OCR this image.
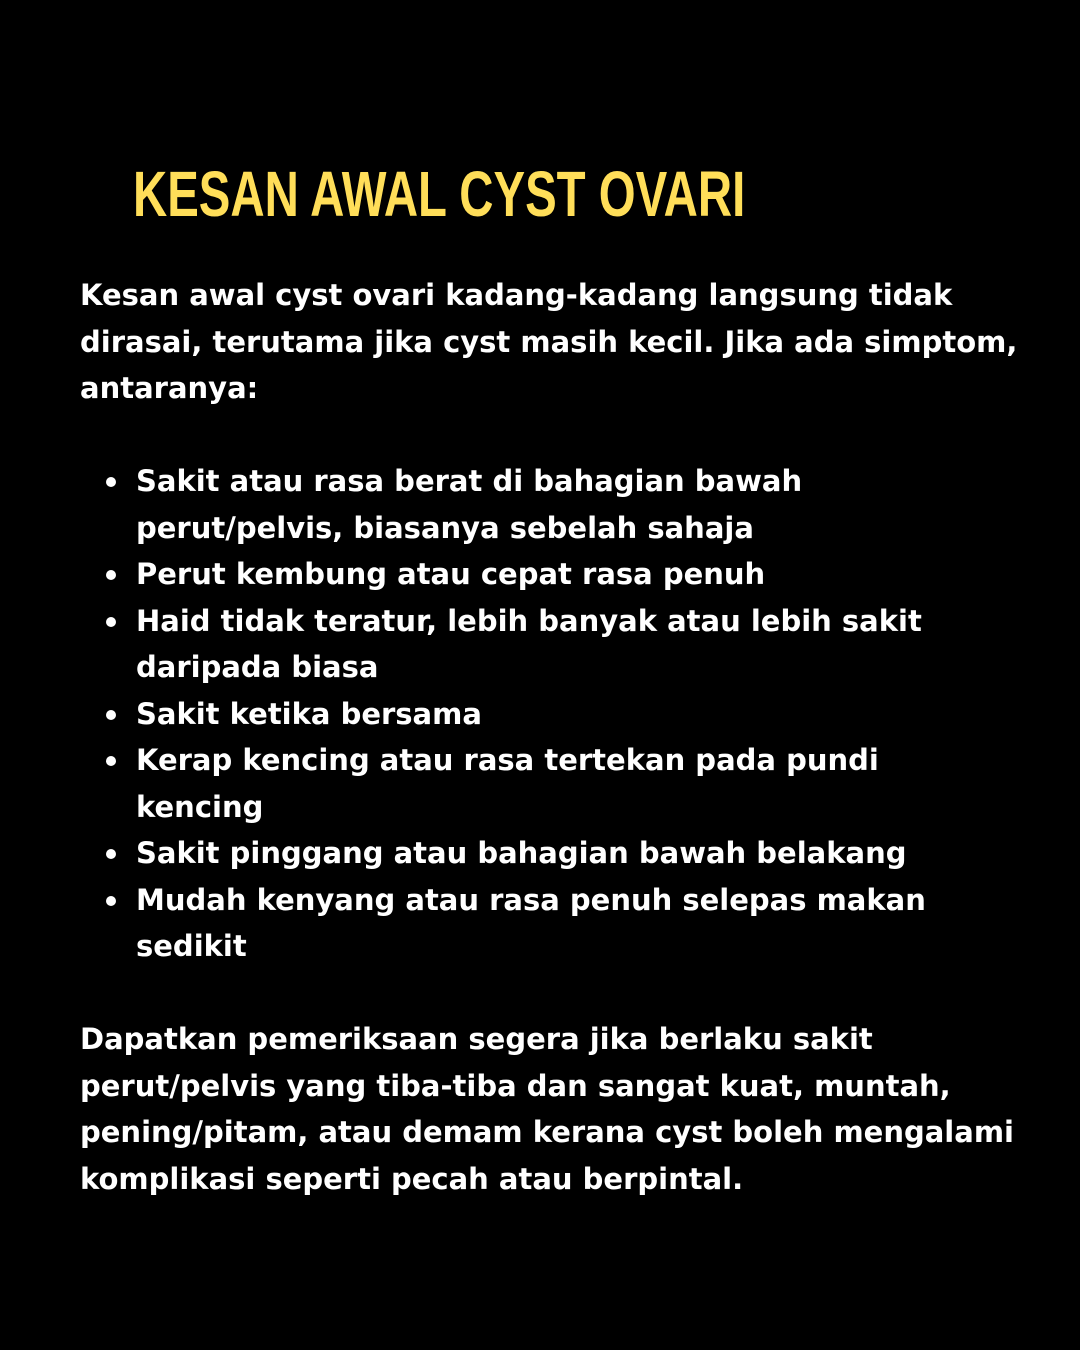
KESAN AWAL CYST OVARI

Kesan awal cyst ovari kadang-kadang langsung tidak dirasai, terutama jika cyst masih kecil. Jika ada simptom, antaranya:

Sakit atau rasa berat di bahagian bawah perut/pelvis, biasanya sebelah sahaja
Perut kembung atau cepat rasa penuh
Haid tidak teratur, lebih banyak atau lebih sakit daripada biasa
Sakit ketika bersama
Kerap kencing atau rasa tertekan pada pundi kencing
Sakit pinggang atau bahagian bawah belakang
Mudah kenyang atau rasa penuh selepas makan sedikit

Dapatkan pemeriksaan segera jika berlaku sakit perut/pelvis yang tiba-tiba dan sangat kuat, muntah, pening/pitam, atau demam kerana cyst boleh mengalami komplikasi seperti pecah atau berpintal.
